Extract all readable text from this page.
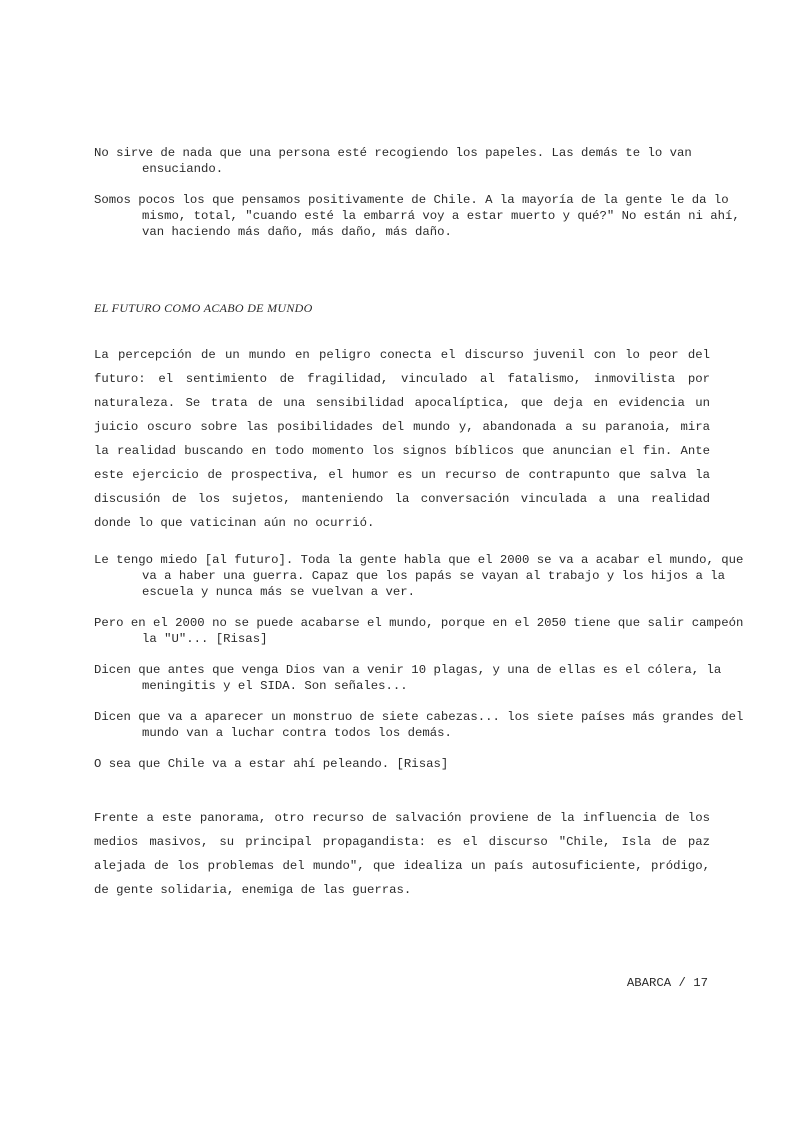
No sirve de nada que una persona esté recogiendo los papeles. Las demás te lo van ensuciando.
Somos pocos los que pensamos positivamente de Chile. A la mayoría de la gente le da lo mismo, total, "cuando esté la embarrá voy a estar muerto y qué?" No están ni ahí, van haciendo más daño, más daño, más daño.
EL FUTURO COMO ACABO DE MUNDO
La percepción de un mundo en peligro conecta el discurso juvenil con lo peor del futuro: el sentimiento de fragilidad, vinculado al fatalismo, inmovilista por naturaleza. Se trata de una sensibilidad apocalíptica, que deja en evidencia un juicio oscuro sobre las posibilidades del mundo y, abandonada a su paranoia, mira la realidad buscando en todo momento los signos bíblicos que anuncian el fin. Ante este ejercicio de prospectiva, el humor es un recurso de contrapunto que salva la discusión de los sujetos, manteniendo la conversación vinculada a una realidad donde lo que vaticinan aún no ocurrió.
Le tengo miedo [al futuro]. Toda la gente habla que el 2000 se va a acabar el mundo, que va a haber una guerra. Capaz que los papás se vayan al trabajo y los hijos a la escuela y nunca más se vuelvan a ver.
Pero en el 2000 no se puede acabarse el mundo, porque en el 2050 tiene que salir campeón la "U"... [Risas]
Dicen que antes que venga Dios van a venir 10 plagas, y una de ellas es el cólera, la meningitis y el SIDA. Son señales...
Dicen que va a aparecer un monstruo de siete cabezas... los siete países más grandes del mundo van a luchar contra todos los demás.
O sea que Chile va a estar ahí peleando. [Risas]
Frente a este panorama, otro recurso de salvación proviene de la influencia de los medios masivos, su principal propagandista: es el discurso "Chile, Isla de paz alejada de los problemas del mundo", que idealiza un país autosuficiente, pródigo, de gente solidaria, enemiga de las guerras.
ABARCA / 17
